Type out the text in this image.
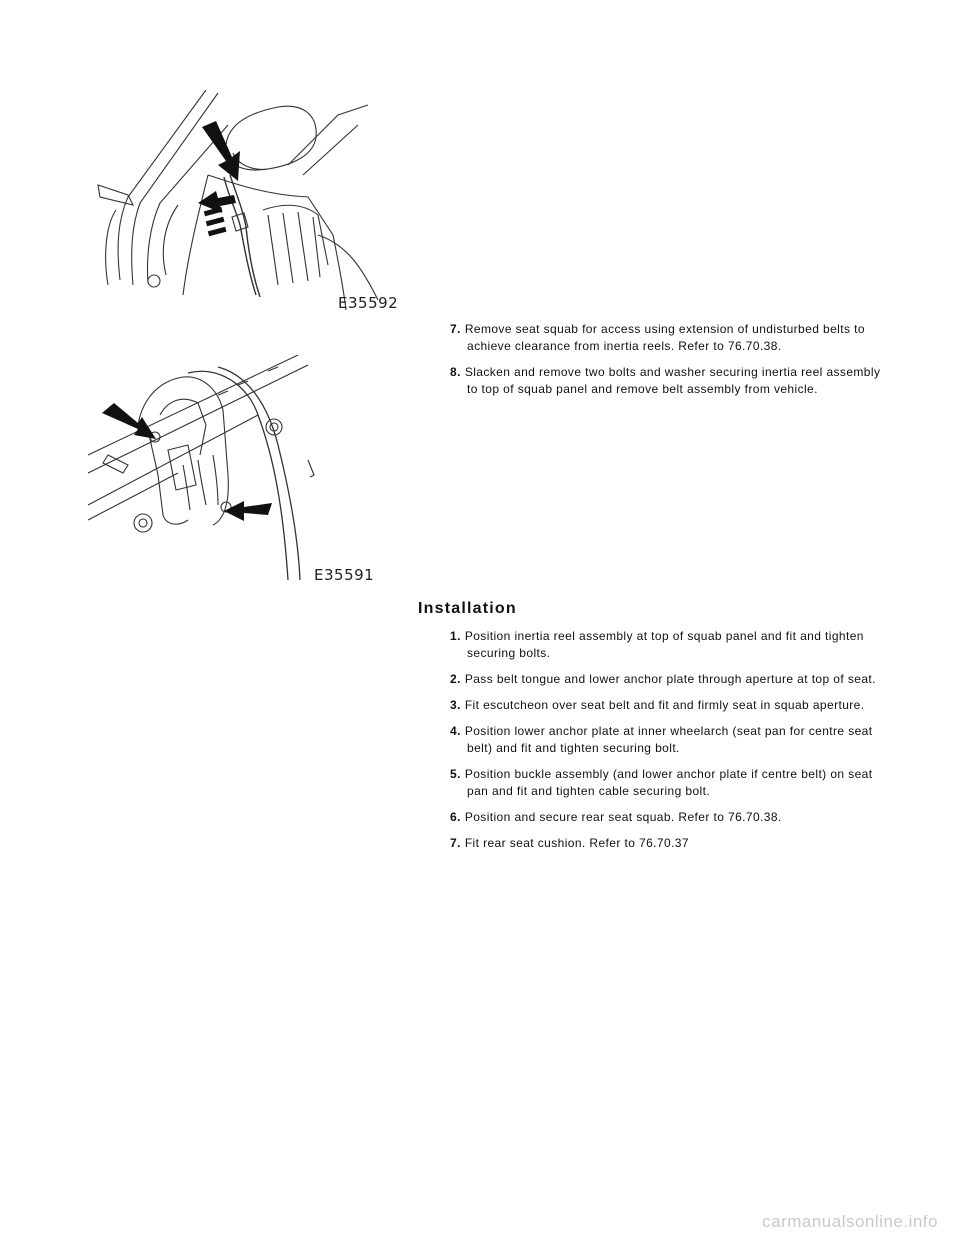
E35592
E35591
7. Remove seat squab for access using extension of undisturbed belts to achieve clearance from inertia reels. Refer to 76.70.38.
8. Slacken and remove two bolts and washer securing inertia reel assembly to top of squab panel and remove belt assembly from vehicle.
Installation
1. Position inertia reel assembly at top of squab panel and fit and tighten securing bolts.
2. Pass belt tongue and lower anchor plate through aperture at top of seat.
3. Fit escutcheon over seat belt and fit and firmly seat in squab aperture.
4. Position lower anchor plate at inner wheelarch (seat pan for centre seat belt) and fit and tighten securing bolt.
5. Position buckle assembly (and lower anchor plate if centre belt) on seat pan and fit and tighten cable securing bolt.
6. Position and secure rear seat squab. Refer to 76.70.38.
7. Fit rear seat cushion. Refer to 76.70.37
carmanualsonline.info
